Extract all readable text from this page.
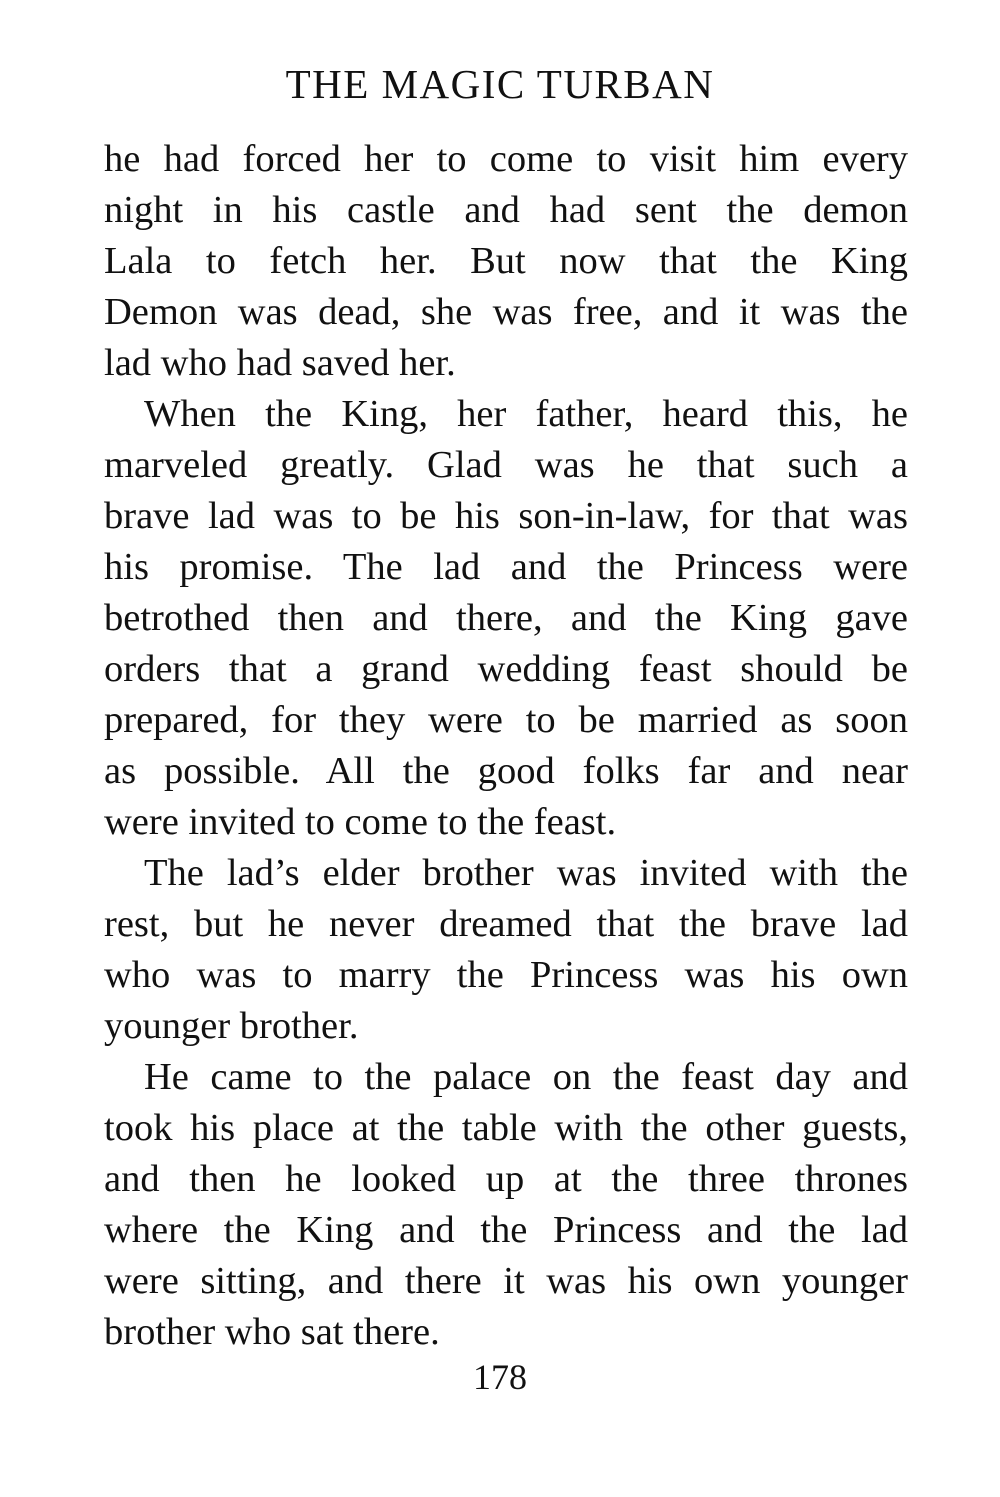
THE MAGIC TURBAN
he had forced her to come to visit him every
night in his castle and had sent the demon
Lala to fetch her. But now that the King
Demon was dead, she was free, and it was the
lad who had saved her.
When the King, her father, heard this, he
marveled greatly. Glad was he that such a
brave lad was to be his son-in-law, for that was
his promise. The lad and the Princess were
betrothed then and there, and the King gave
orders that a grand wedding feast should be
prepared, for they were to be married as soon
as possible. All the good folks far and near
were invited to come to the feast.
The lad’s elder brother was invited with the
rest, but he never dreamed that the brave lad
who was to marry the Princess was his own
younger brother.
He came to the palace on the feast day and
took his place at the table with the other guests,
and then he looked up at the three thrones
where the King and the Princess and the lad
were sitting, and there it was his own younger
brother who sat there.
178
